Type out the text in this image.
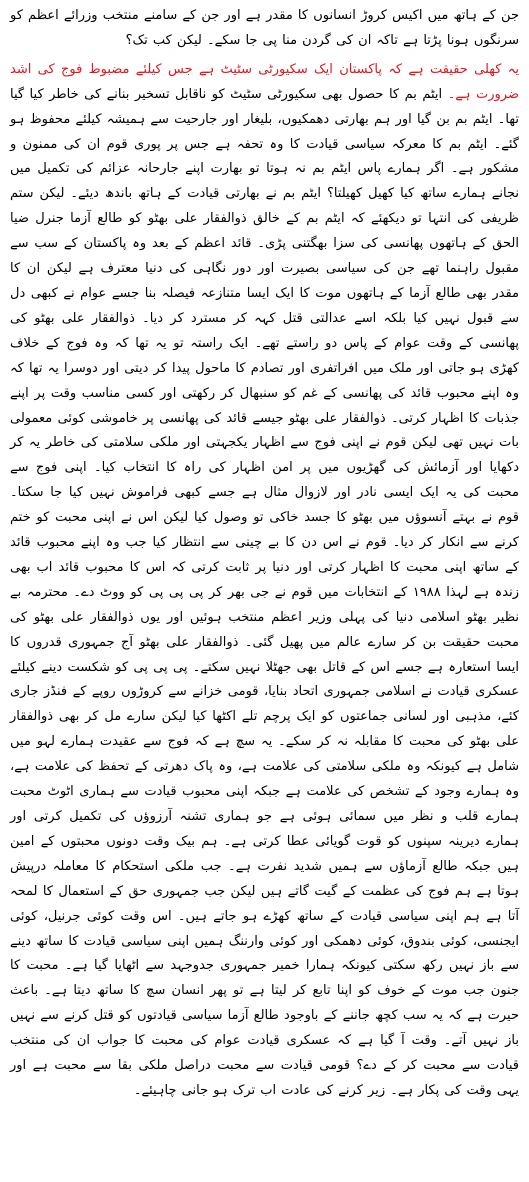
جن کے ہاتھ میں اکیس کروڑ انسانوں کا مقدر ہے اور جن کے سامنے منتخب وزرائے اعظم کو سرنگوں ہونا پڑتا ہے تاکہ ان کی گردن منا پی جا سکے۔ لیکن کب تک؟

یہ کھلی حقیقت ہے کہ پاکستان ایک سکیورٹی سٹیٹ ہے جس کیلئے مضبوط فوج کی اشد ضرورت ہے۔ ایٹم بم کا حصول بھی سکیورٹی سٹیٹ کو ناقابل تسخیر بنانے کی خاطر کیا گیا تھا۔ ایٹم بم بن گیا اور ہم بھارتی دھمکیوں، بلیغار اور جارحیت سے ہمیشہ کیلئے محفوظ ہو گئے۔ ایٹم بم کا معرکہ سیاسی قیادت کا وہ تحفہ ہے جس پر پوری قوم ان کی ممنون و مشکور ہے۔ اگر ہمارے پاس ایٹم بم نہ ہوتا تو بھارت اپنے جارحانہ عزائم کی تکمیل میں نجانے ہمارے ساتھ کیا کھیل کھیلتا؟ ایٹم بم نے بھارتی قیادت کے ہاتھ باندھ دیئے۔ لیکن ستم ظریفی کی انتہا تو دیکھئے کہ ایٹم بم کے خالق ذوالفقار علی بھٹو کو طالع آزما جنرل ضیا الحق کے ہاتھوں پھانسی کی سزا بھگتنی پڑی۔ قائد اعظم کے بعد وہ پاکستان کے سب سے مقبول راہنما تھے جن کی سیاسی بصیرت اور دور نگاہی کی دنیا معترف ہے لیکن ان کا مقدر بھی طالع آزما کے ہاتھوں موت کا ایک ایسا متنازعہ فیصلہ بنا جسے عوام نے کبھی دل سے قبول نہیں کیا بلکہ اسے عدالتی قتل کہہ کر مسترد کر دیا۔ ذوالفقار علی بھٹو کی پھانسی کے وقت عوام کے پاس دو راستے تھے۔ ایک راستہ تو یہ تھا کہ وہ فوج کے خلاف کھڑی ہو جاتی اور ملک میں افراتفری اور تصادم کا ماحول پیدا کر دیتی اور دوسرا یہ تھا کہ وہ اپنے محبوب قائد کی پھانسی کے غم کو سنبھال کر رکھتی اور کسی مناسب وقت پر اپنے جذبات کا اظہار کرتی۔ ذوالفقار علی بھٹو جیسے قائد کی پھانسی پر خاموشی کوئی معمولی بات نہیں تھی لیکن قوم نے اپنی فوج سے اظہار یکجہتی اور ملکی سلامتی کی خاطر یہ کر دکھایا اور آزمائش کی گھڑیوں میں پر امن اظہار کی راہ کا انتخاب کیا۔ اپنی فوج سے محبت کی یہ ایک ایسی نادر اور لازوال مثال ہے جسے کبھی فراموش نہیں کیا جا سکتا۔ قوم نے بہتے آنسوؤں میں بھٹو کا جسد خاکی تو وصول کیا لیکن اس نے اپنی محبت کو ختم کرنے سے انکار کر دیا۔ قوم نے اس دن کا بے چینی سے انتظار کیا جب وہ اپنے محبوب قائد کے ساتھ اپنی محبت کا اظہار کرتی اور دنیا پر ثابت کرتی کہ اس کا محبوب قائد اب بھی زندہ ہے لہذا ۱۹۸۸ کے انتخابات میں قوم نے جی بھر کر پی پی پی کو ووٹ دے۔ محترمہ بے نظیر بھٹو اسلامی دنیا کی پہلی وزیر اعظم منتخب ہوئیں اور یوں ذوالفقار علی بھٹو کی محبت حقیقت بن کر سارے عالم میں پھیل گئی۔ ذوالفقار علی بھٹو آج جمہوری قدروں کا ایسا استعارہ ہے جسے اس کے قاتل بھی جھٹلا نہیں سکتے۔ پی پی پی کو شکست دینے کیلئے عسکری قیادت نے اسلامی جمہوری اتحاد بنایا، قومی خزانے سے کروڑوں روپے کے فنڈز جاری کئے، مذہبی اور لسانی جماعتوں کو ایک پرچم تلے اکٹھا کیا لیکن سارے مل کر بھی ذوالفقار علی بھٹو کی محبت کا مقابلہ نہ کر سکے۔ یہ سچ ہے کہ فوج سے عقیدت ہمارے لہو میں شامل ہے کیونکہ وہ ملکی سلامتی کی علامت ہے، وہ پاک دھرتی کے تحفظ کی علامت ہے، وہ ہمارے وجود کے تشخص کی علامت ہے جبکہ اپنی محبوب قیادت سے ہماری اٹوٹ محبت ہمارے قلب و نظر میں سمائی ہوئی ہے جو ہماری تشنہ آرزوؤں کی تکمیل کرتی اور ہمارے دیرینہ سپنوں کو قوت گویائی عطا کرتی ہے۔ ہم بیک وقت دونوں محبتوں کے امین ہیں جبکہ طالع آزماؤں سے ہمیں شدید نفرت ہے۔ جب ملکی استحکام کا معاملہ درپیش ہوتا ہے ہم فوج کی عظمت کے گیت گاتے ہیں لیکن جب جمہوری حق کے استعمال کا لمحہ آتا ہے ہم اپنی سیاسی قیادت کے ساتھ کھڑے ہو جاتے ہیں۔ اس وقت کوئی جرنیل، کوئی ایجنسی، کوئی بندوق، کوئی دھمکی اور کوئی وارننگ ہمیں اپنی سیاسی قیادت کا ساتھ دینے سے باز نہیں رکھ سکتی کیونکہ ہمارا خمیر جمہوری جدوجہد سے اٹھایا گیا ہے۔ محبت کا جنون جب موت کے خوف کو اپنا تابع کر لیتا ہے تو پھر انسان سچ کا ساتھ دیتا ہے۔ باعث حیرت ہے کہ یہ سب کچھ جاننے کے باوجود طالع آزما سیاسی قیادتوں کو قتل کرنے سے نہیں باز نہیں آتے۔ وقت آ گیا ہے کہ عسکری قیادت عوام کی محبت کا جواب ان کی منتخب قیادت سے محبت کر کے دے؟ قومی قیادت سے محبت دراصل ملکی بقا سے محبت ہے اور یہی وقت کی پکار ہے۔ زیر کرنے کی عادت اب ترک ہو جانی چاہیئے۔
